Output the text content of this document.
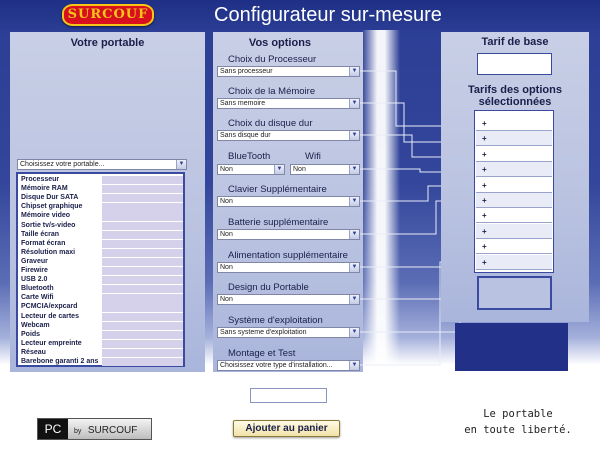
SURCOUF	Configurateur sur-mesure
Votre portable
Choisissez votre portable...	▼
Processeur
Mémoire RAM
Disque Dur SATA
Chipset graphique
Mémoire video
Sortie tv/s-video
Taille écran
Format écran
Résolution maxi
Graveur
Firewire
USB 2.0
Bluetooth
Carte Wifi
PCMCIA/expcard
Lecteur de cartes
Webcam
Poids
Lecteur empreinte
Réseau
Barebone garanti 2 ans
Vos options
Choix du Processeur
Sans processeur	▼
Choix de la Mémoire
Sans memoire	▼
Choix du disque dur
Sans disque dur	▼
BlueTooth	Wifi
Non	▼	Non	▼
Clavier Supplémentaire
Non	▼
Batterie supplémentaire
Non	▼
Alimentation supplémentaire
Non	▼
Design du Portable
Non	▼
Système d'exploitation
Sans systeme d'exploitation	▼
Montage et Test
Choisissez votre type d'installation...	▼
Tarif de base
Tarifs des options
sélectionnées
+
+
+
+
+
+
+
+
+
+
Coût Total
PC	by SURCOUF	Ajouter au panier
Le portable
en toute liberté.
